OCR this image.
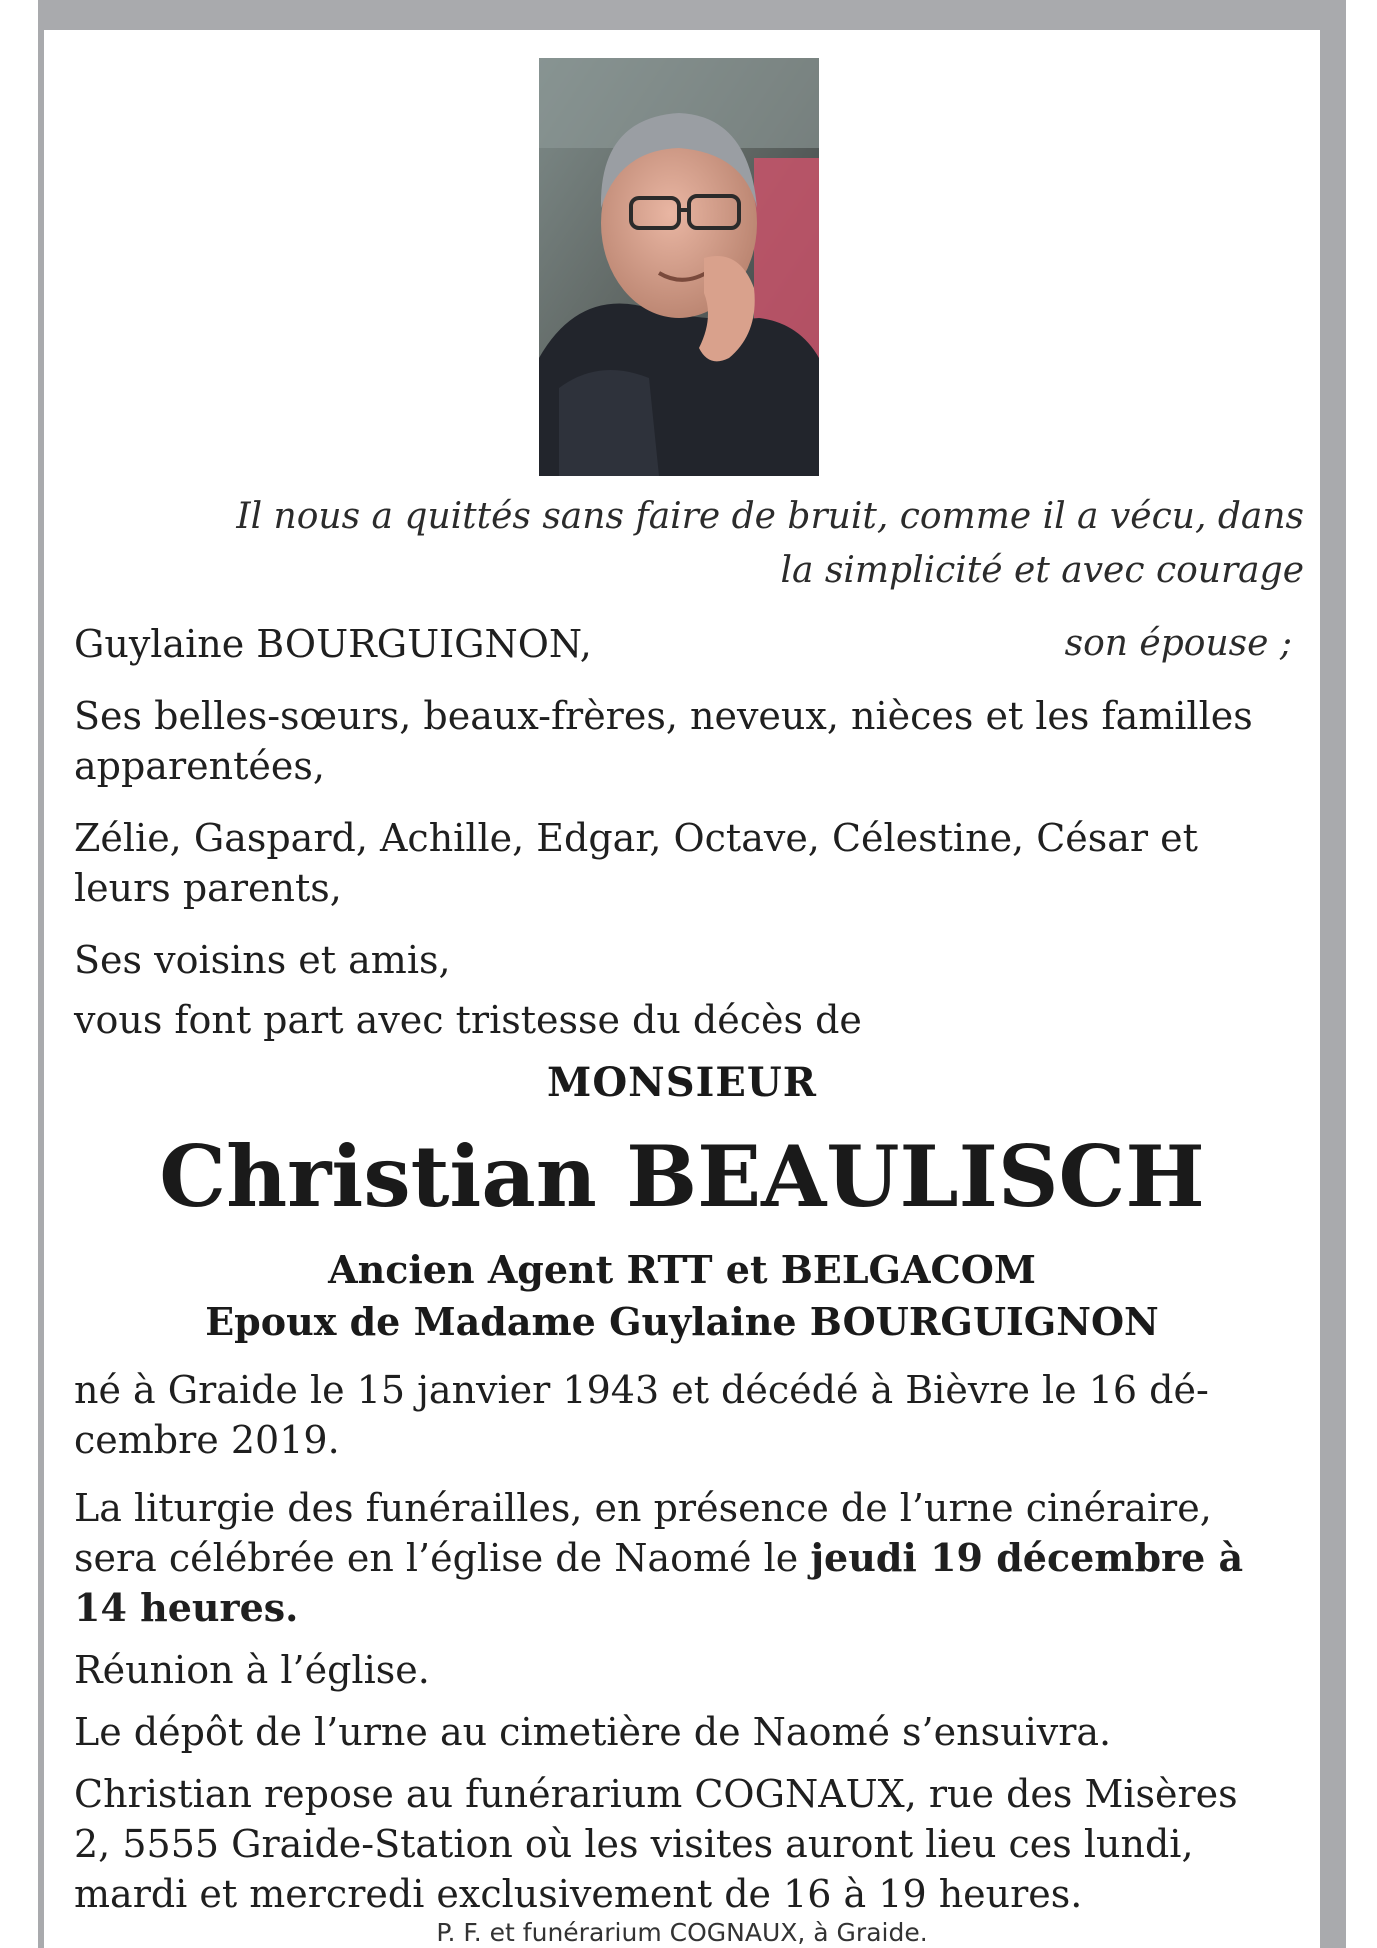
Il nous a quittés sans faire de bruit, comme il a vécu, dans
la simplicité et avec courage
Guylaine BOURGUIGNON,	son épouse ;
Ses belles-sœurs, beaux-frères, neveux, nièces et les familles
apparentées,
Zélie, Gaspard, Achille, Edgar, Octave, Célestine, César et
leurs parents,
Ses voisins et amis,
vous font part avec tristesse du décès de
MONSIEUR
Christian BEAULISCH
Ancien Agent RTT et BELGACOM
Epoux de Madame Guylaine BOURGUIGNON
né à Graide le 15 janvier 1943 et décédé à Bièvre le 16 dé-
cembre 2019.
La liturgie des funérailles, en présence de l’urne cinéraire,
sera célébrée en l’église de Naomé le jeudi 19 décembre à
14 heures.
Réunion à l’église.
Le dépôt de l’urne au cimetière de Naomé s’ensuivra.
Christian repose au funérarium COGNAUX, rue des Misères
2, 5555 Graide-Station où les visites auront lieu ces lundi,
mardi et mercredi exclusivement de 16 à 19 heures.
P. F. et funérarium COGNAUX, à Graide.
